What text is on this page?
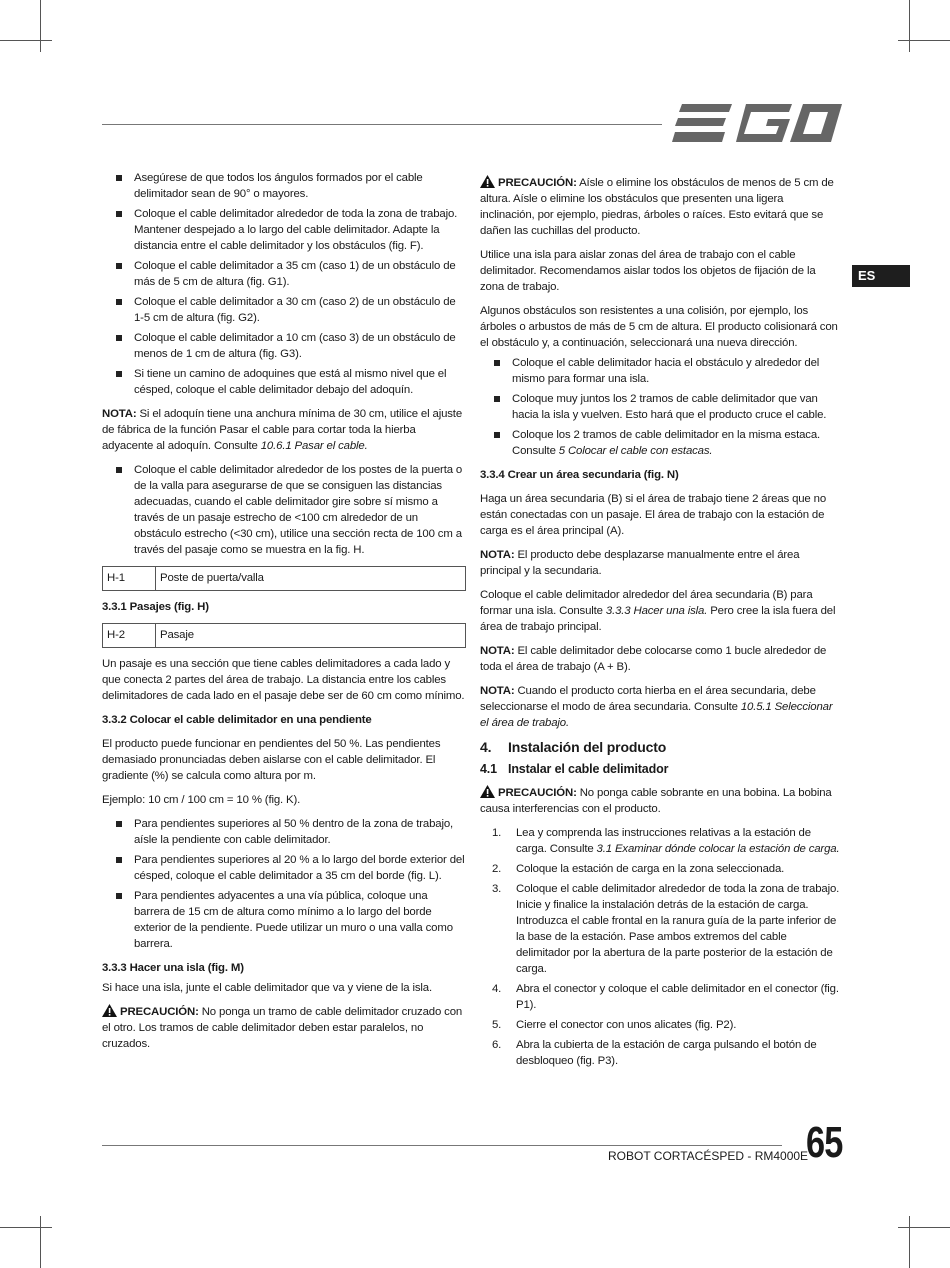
ES
Asegúrese de que todos los ángulos formados por el cable delimitador sean de 90° o mayores.
Coloque el cable delimitador alrededor de toda la zona de trabajo. Mantener despejado a lo largo del cable delimitador. Adapte la distancia entre el cable delimitador y los obstáculos (fig. F).
Coloque el cable delimitador a 35 cm (caso 1) de un obstáculo de más de 5 cm de altura (fig. G1).
Coloque el cable delimitador a 30 cm (caso 2) de un obstáculo de 1-5 cm de altura (fig. G2).
Coloque el cable delimitador a 10 cm (caso 3) de un obstáculo de menos de 1 cm de altura (fig. G3).
Si tiene un camino de adoquines que está al mismo nivel que el césped, coloque el cable delimitador debajo del adoquín.

NOTA: Si el adoquín tiene una anchura mínima de 30 cm, utilice el ajuste de fábrica de la función Pasar el cable para cortar toda la hierba adyacente al adoquín. Consulte 10.6.1 Pasar el cable.

Coloque el cable delimitador alrededor de los postes de la puerta o de la valla para asegurarse de que se consiguen las distancias adecuadas, cuando el cable delimitador gire sobre sí mismo a través de un pasaje estrecho de <100 cm alrededor de un obstáculo estrecho (<30 cm), utilice una sección recta de 100 cm a través del pasaje como se muestra en la fig. H.
H-1	Poste de puerta/valla
3.3.1 Pasajes (fig. H)
H-2	Pasaje

Un pasaje es una sección que tiene cables delimitadores a cada lado y que conecta 2 partes del área de trabajo. La distancia entre los cables delimitadores de cada lado en el pasaje debe ser de 60 cm como mínimo.

3.3.2 Colocar el cable delimitador en una pendiente

El producto puede funcionar en pendientes del 50 %. Las pendientes demasiado pronunciadas deben aislarse con el cable delimitador. El gradiente (%) se calcula como altura por m.

Ejemplo: 10 cm / 100 cm = 10 % (fig. K).

Para pendientes superiores al 50 % dentro de la zona de trabajo, aísle la pendiente con cable delimitador.
Para pendientes superiores al 20 % a lo largo del borde exterior del césped, coloque el cable delimitador a 35 cm del borde (fig. L).
Para pendientes adyacentes a una vía pública, coloque una barrera de 15 cm de altura como mínimo a lo largo del borde exterior de la pendiente. Puede utilizar un muro o una valla como barrera.
3.3.3 Hacer una isla (fig. M)

Si hace una isla, junte el cable delimitador que va y viene de la isla.

PRECAUCIÓN: No ponga un tramo de cable delimitador cruzado con el otro. Los tramos de cable delimitador deben estar paralelos, no cruzados.

PRECAUCIÓN: Aísle o elimine los obstáculos de menos de 5 cm de altura. Aísle o elimine los obstáculos que presenten una ligera inclinación, por ejemplo, piedras, árboles o raíces. Esto evitará que se dañen las cuchillas del producto.

Utilice una isla para aislar zonas del área de trabajo con el cable delimitador. Recomendamos aislar todos los objetos de fijación de la zona de trabajo.

Algunos obstáculos son resistentes a una colisión, por ejemplo, los árboles o arbustos de más de 5 cm de altura. El producto colisionará con el obstáculo y, a continuación, seleccionará una nueva dirección.

Coloque el cable delimitador hacia el obstáculo y alrededor del mismo para formar una isla.
Coloque muy juntos los 2 tramos de cable delimitador que van hacia la isla y vuelven. Esto hará que el producto cruce el cable.
Coloque los 2 tramos de cable delimitador en la misma estaca. Consulte 5 Colocar el cable con estacas.
3.3.4 Crear un área secundaria (fig. N)

Haga un área secundaria (B) si el área de trabajo tiene 2 áreas que no están conectadas con un pasaje. El área de trabajo con la estación de carga es el área principal (A).

NOTA: El producto debe desplazarse manualmente entre el área principal y la secundaria.

Coloque el cable delimitador alrededor del área secundaria (B) para formar una isla. Consulte 3.3.3 Hacer una isla. Pero cree la isla fuera del área de trabajo principal.

NOTA: El cable delimitador debe colocarse como 1 bucle alrededor de toda el área de trabajo (A + B).

NOTA: Cuando el producto corta hierba en el área secundaria, debe seleccionarse el modo de área secundaria. Consulte 10.5.1 Seleccionar el área de trabajo.

4. Instalación del producto
4.1 Instalar el cable delimitador

PRECAUCIÓN: No ponga cable sobrante en una bobina. La bobina causa interferencias con el producto.

1. Lea y comprenda las instrucciones relativas a la estación de carga. Consulte 3.1 Examinar dónde colocar la estación de carga.
2. Coloque la estación de carga en la zona seleccionada.
3. Coloque el cable delimitador alrededor de toda la zona de trabajo. Inicie y finalice la instalación detrás de la estación de carga. Introduzca el cable frontal en la ranura guía de la parte inferior de la base de la estación. Pase ambos extremos del cable delimitador por la abertura de la parte posterior de la estación de carga.
4. Abra el conector y coloque el cable delimitador en el conector (fig. P1).
5. Cierre el conector con unos alicates (fig. P2).
6. Abra la cubierta de la estación de carga pulsando el botón de desbloqueo (fig. P3).
ROBOT CORTACÉSPED - RM4000E
65
